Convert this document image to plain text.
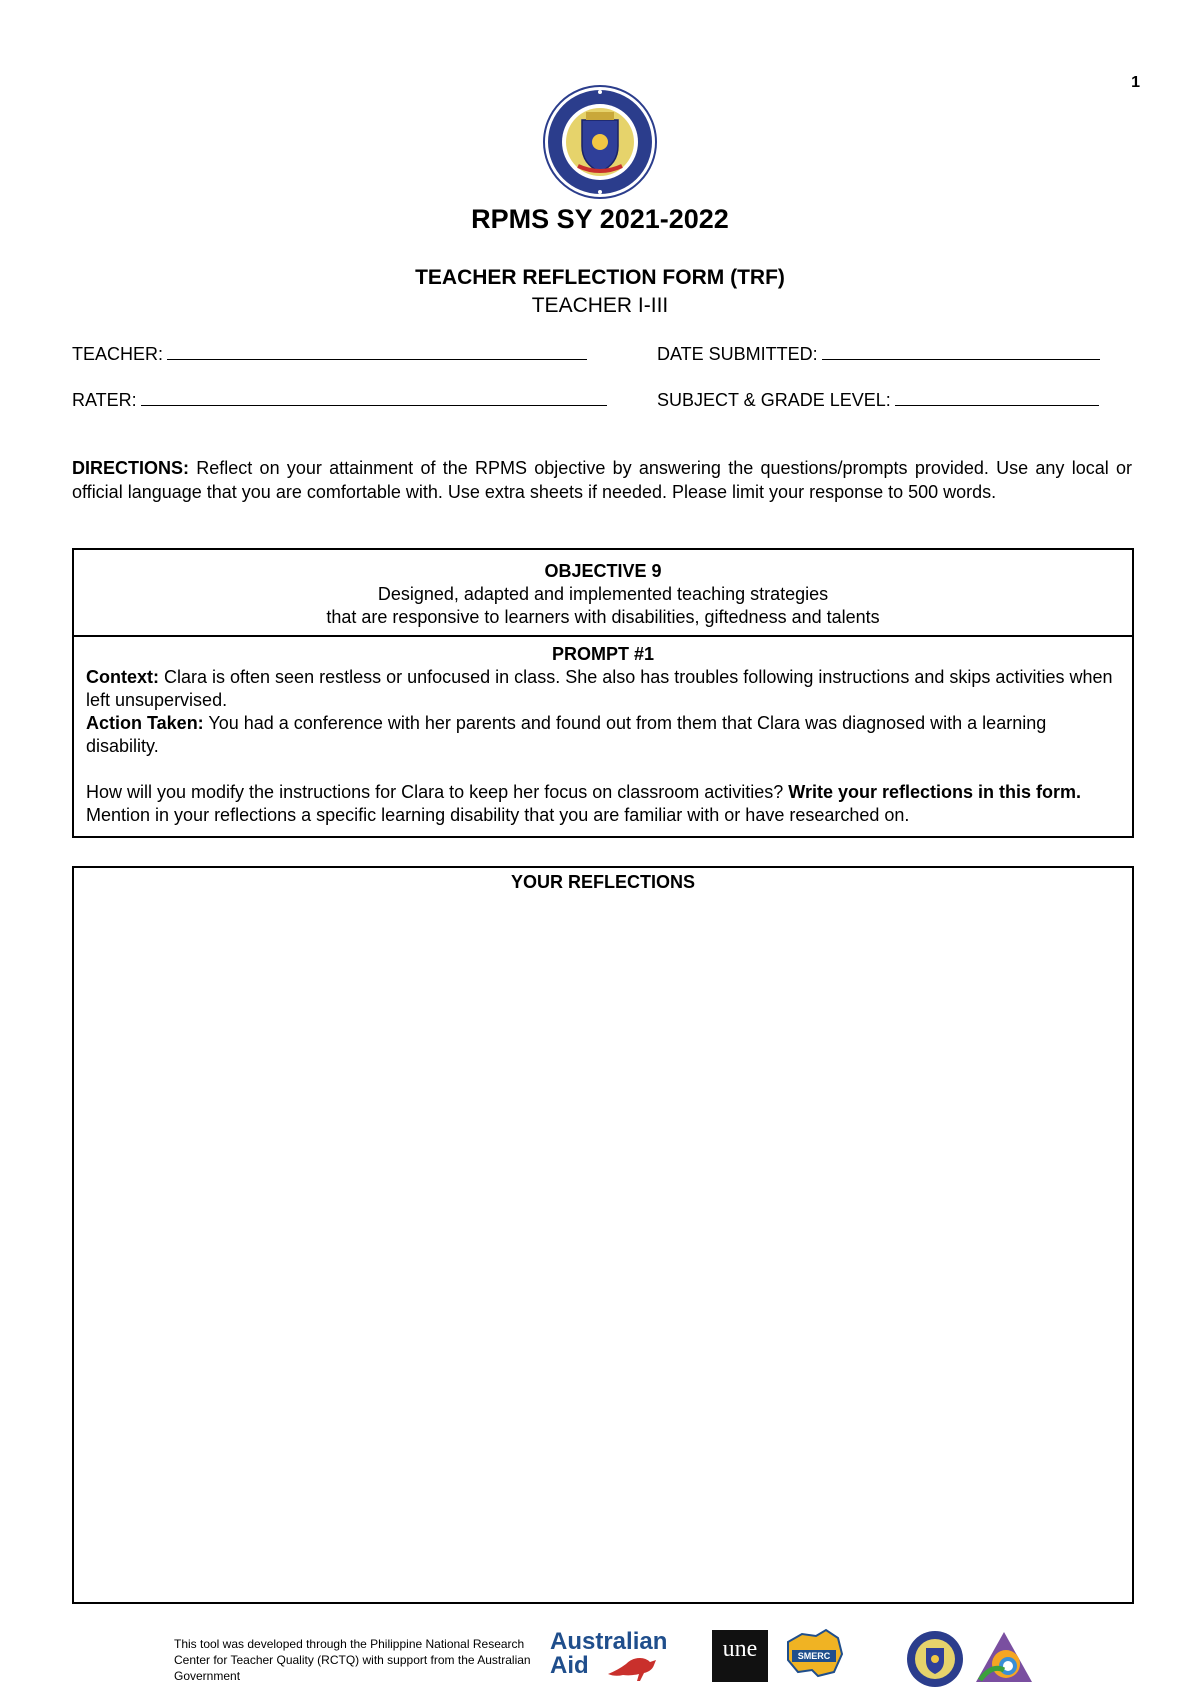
1
RPMS SY 2021-2022
TEACHER REFLECTION FORM (TRF)
TEACHER I-III
TEACHER:	DATE SUBMITTED:
RATER:	SUBJECT & GRADE LEVEL:
DIRECTIONS: Reflect on your attainment of the RPMS objective by answering the questions/prompts provided. Use any local or official language that you are comfortable with. Use extra sheets if needed. Please limit your response to 500 words.
OBJECTIVE 9
Designed, adapted and implemented teaching strategies
that are responsive to learners with disabilities, giftedness and talents
PROMPT #1
Context: Clara is often seen restless or unfocused in class. She also has troubles following instructions and skips activities when left unsupervised.
Action Taken: You had a conference with her parents and found out from them that Clara was diagnosed with a learning disability.
How will you modify the instructions for Clara to keep her focus on classroom activities? Write your reflections in this form. Mention in your reflections a specific learning disability that you are familiar with or have researched on.
YOUR REFLECTIONS
This tool was developed through the Philippine National Research Center for Teacher Quality (RCTQ) with support from the Australian Government
Australian
Aid
une	SMERC
